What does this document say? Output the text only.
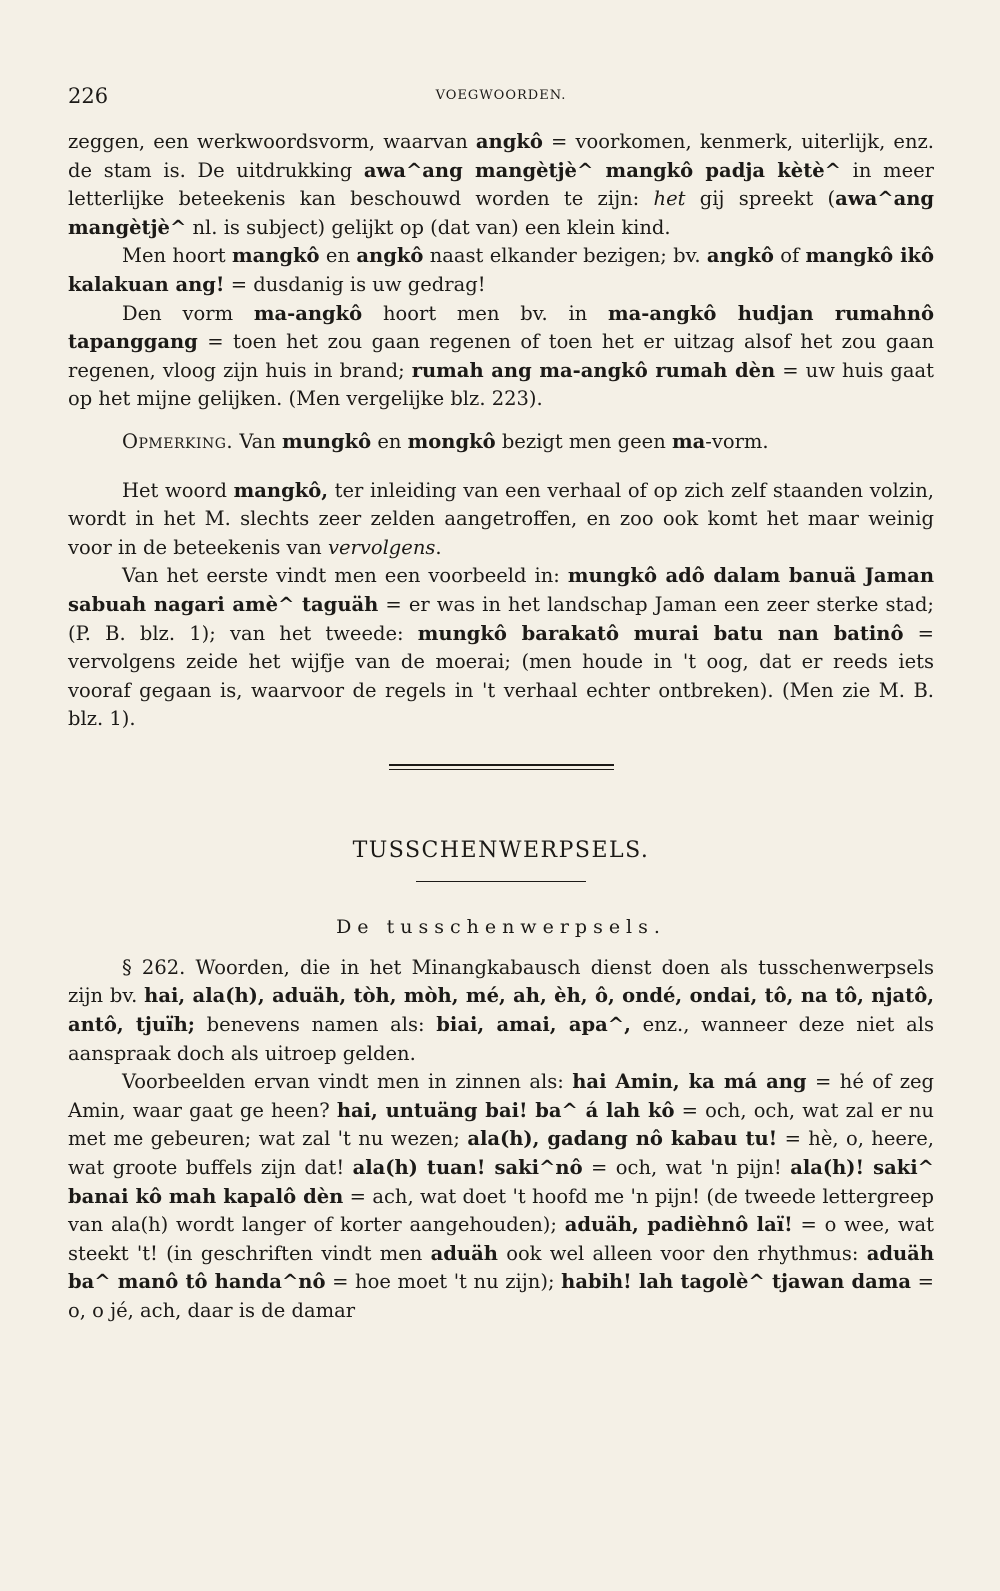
226	VOEGWOORDEN.

zeggen, een werkwoordsvorm, waarvan angkô = voorkomen, kenmerk, uiterlijk, enz. de stam is. De uitdrukking awa^ang mangètjè^ mangkô padja kètè^ in meer letterlijke beteekenis kan beschouwd worden te zijn: het gij spreekt (awa^ang mangètjè^ nl. is subject) gelijkt op (dat van) een klein kind.

Men hoort mangkô en angkô naast elkander bezigen; bv. angkô of mangkô ikô kalakuan ang! = dusdanig is uw gedrag!

Den vorm ma-angkô hoort men bv. in ma-angkô hudjan rumahnô tapanggang = toen het zou gaan regenen of toen het er uitzag alsof het zou gaan regenen, vloog zijn huis in brand; rumah ang ma-angkô rumah dèn = uw huis gaat op het mijne gelijken. (Men vergelijke blz. 223).

Opmerking. Van mungkô en mongkô bezigt men geen ma-vorm.

Het woord mangkô, ter inleiding van een verhaal of op zich zelf staanden volzin, wordt in het M. slechts zeer zelden aangetroffen, en zoo ook komt het maar weinig voor in de beteekenis van vervolgens.

Van het eerste vindt men een voorbeeld in: mungkô adô dalam banuä Jaman sabuah nagari amè^ taguäh = er was in het landschap Jaman een zeer sterke stad; (P. B. blz. 1); van het tweede: mungkô barakatô murai batu nan batinô = vervolgens zeide het wijfje van de moerai; (men houde in 't oog, dat er reeds iets vooraf gegaan is, waarvoor de regels in 't verhaal echter ontbreken). (Men zie M. B. blz. 1).

TUSSCHENWERPSELS.
De tusschenwerpsels.

§ 262. Woorden, die in het Minangkabausch dienst doen als tusschenwerpsels zijn bv. hai, ala(h), aduäh, tòh, mòh, mé, ah, èh, ô, ondé, ondai, tô, na tô, njatô, antô, tjuïh; benevens namen als: biai, amai, apa^, enz., wanneer deze niet als aanspraak doch als uitroep gelden.

Voorbeelden ervan vindt men in zinnen als: hai Amin, ka má ang = hé of zeg Amin, waar gaat ge heen? hai, untuäng bai! ba^ á lah kô = och, och, wat zal er nu met me gebeuren; wat zal 't nu wezen; ala(h), gadang nô kabau tu! = hè, o, heere, wat groote buffels zijn dat! ala(h) tuan! saki^nô = och, wat 'n pijn! ala(h)! saki^ banai kô mah kapalô dèn = ach, wat doet 't hoofd me 'n pijn! (de tweede lettergreep van ala(h) wordt langer of korter aangehouden); aduäh, padièhnô laï! = o wee, wat steekt 't! (in geschriften vindt men aduäh ook wel alleen voor den rhythmus: aduäh ba^ manô tô handa^nô = hoe moet 't nu zijn); habih! lah tagolè^ tjawan dama = o, o jé, ach, daar is de damar
